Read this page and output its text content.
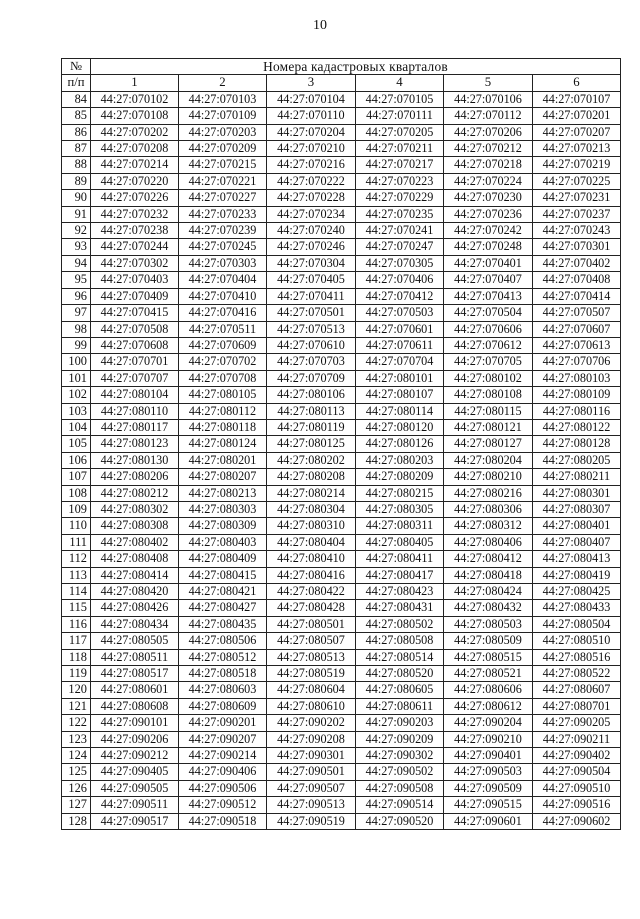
10
№	Номера кадастровых кварталов					
п/п	1	2	3	4	5	6
84	44:27:070102	44:27:070103	44:27:070104	44:27:070105	44:27:070106	44:27:070107
85	44:27:070108	44:27:070109	44:27:070110	44:27:070111	44:27:070112	44:27:070201
86	44:27:070202	44:27:070203	44:27:070204	44:27:070205	44:27:070206	44:27:070207
87	44:27:070208	44:27:070209	44:27:070210	44:27:070211	44:27:070212	44:27:070213
88	44:27:070214	44:27:070215	44:27:070216	44:27:070217	44:27:070218	44:27:070219
89	44:27:070220	44:27:070221	44:27:070222	44:27:070223	44:27:070224	44:27:070225
90	44:27:070226	44:27:070227	44:27:070228	44:27:070229	44:27:070230	44:27:070231
91	44:27:070232	44:27:070233	44:27:070234	44:27:070235	44:27:070236	44:27:070237
92	44:27:070238	44:27:070239	44:27:070240	44:27:070241	44:27:070242	44:27:070243
93	44:27:070244	44:27:070245	44:27:070246	44:27:070247	44:27:070248	44:27:070301
94	44:27:070302	44:27:070303	44:27:070304	44:27:070305	44:27:070401	44:27:070402
95	44:27:070403	44:27:070404	44:27:070405	44:27:070406	44:27:070407	44:27:070408
96	44:27:070409	44:27:070410	44:27:070411	44:27:070412	44:27:070413	44:27:070414
97	44:27:070415	44:27:070416	44:27:070501	44:27:070503	44:27:070504	44:27:070507
98	44:27:070508	44:27:070511	44:27:070513	44:27:070601	44:27:070606	44:27:070607
99	44:27:070608	44:27:070609	44:27:070610	44:27:070611	44:27:070612	44:27:070613
100	44:27:070701	44:27:070702	44:27:070703	44:27:070704	44:27:070705	44:27:070706
101	44:27:070707	44:27:070708	44:27:070709	44:27:080101	44:27:080102	44:27:080103
102	44:27:080104	44:27:080105	44:27:080106	44:27:080107	44:27:080108	44:27:080109
103	44:27:080110	44:27:080112	44:27:080113	44:27:080114	44:27:080115	44:27:080116
104	44:27:080117	44:27:080118	44:27:080119	44:27:080120	44:27:080121	44:27:080122
105	44:27:080123	44:27:080124	44:27:080125	44:27:080126	44:27:080127	44:27:080128
106	44:27:080130	44:27:080201	44:27:080202	44:27:080203	44:27:080204	44:27:080205
107	44:27:080206	44:27:080207	44:27:080208	44:27:080209	44:27:080210	44:27:080211
108	44:27:080212	44:27:080213	44:27:080214	44:27:080215	44:27:080216	44:27:080301
109	44:27:080302	44:27:080303	44:27:080304	44:27:080305	44:27:080306	44:27:080307
110	44:27:080308	44:27:080309	44:27:080310	44:27:080311	44:27:080312	44:27:080401
111	44:27:080402	44:27:080403	44:27:080404	44:27:080405	44:27:080406	44:27:080407
112	44:27:080408	44:27:080409	44:27:080410	44:27:080411	44:27:080412	44:27:080413
113	44:27:080414	44:27:080415	44:27:080416	44:27:080417	44:27:080418	44:27:080419
114	44:27:080420	44:27:080421	44:27:080422	44:27:080423	44:27:080424	44:27:080425
115	44:27:080426	44:27:080427	44:27:080428	44:27:080431	44:27:080432	44:27:080433
116	44:27:080434	44:27:080435	44:27:080501	44:27:080502	44:27:080503	44:27:080504
117	44:27:080505	44:27:080506	44:27:080507	44:27:080508	44:27:080509	44:27:080510
118	44:27:080511	44:27:080512	44:27:080513	44:27:080514	44:27:080515	44:27:080516
119	44:27:080517	44:27:080518	44:27:080519	44:27:080520	44:27:080521	44:27:080522
120	44:27:080601	44:27:080603	44:27:080604	44:27:080605	44:27:080606	44:27:080607
121	44:27:080608	44:27:080609	44:27:080610	44:27:080611	44:27:080612	44:27:080701
122	44:27:090101	44:27:090201	44:27:090202	44:27:090203	44:27:090204	44:27:090205
123	44:27:090206	44:27:090207	44:27:090208	44:27:090209	44:27:090210	44:27:090211
124	44:27:090212	44:27:090214	44:27:090301	44:27:090302	44:27:090401	44:27:090402
125	44:27:090405	44:27:090406	44:27:090501	44:27:090502	44:27:090503	44:27:090504
126	44:27:090505	44:27:090506	44:27:090507	44:27:090508	44:27:090509	44:27:090510
127	44:27:090511	44:27:090512	44:27:090513	44:27:090514	44:27:090515	44:27:090516
128	44:27:090517	44:27:090518	44:27:090519	44:27:090520	44:27:090601	44:27:090602
